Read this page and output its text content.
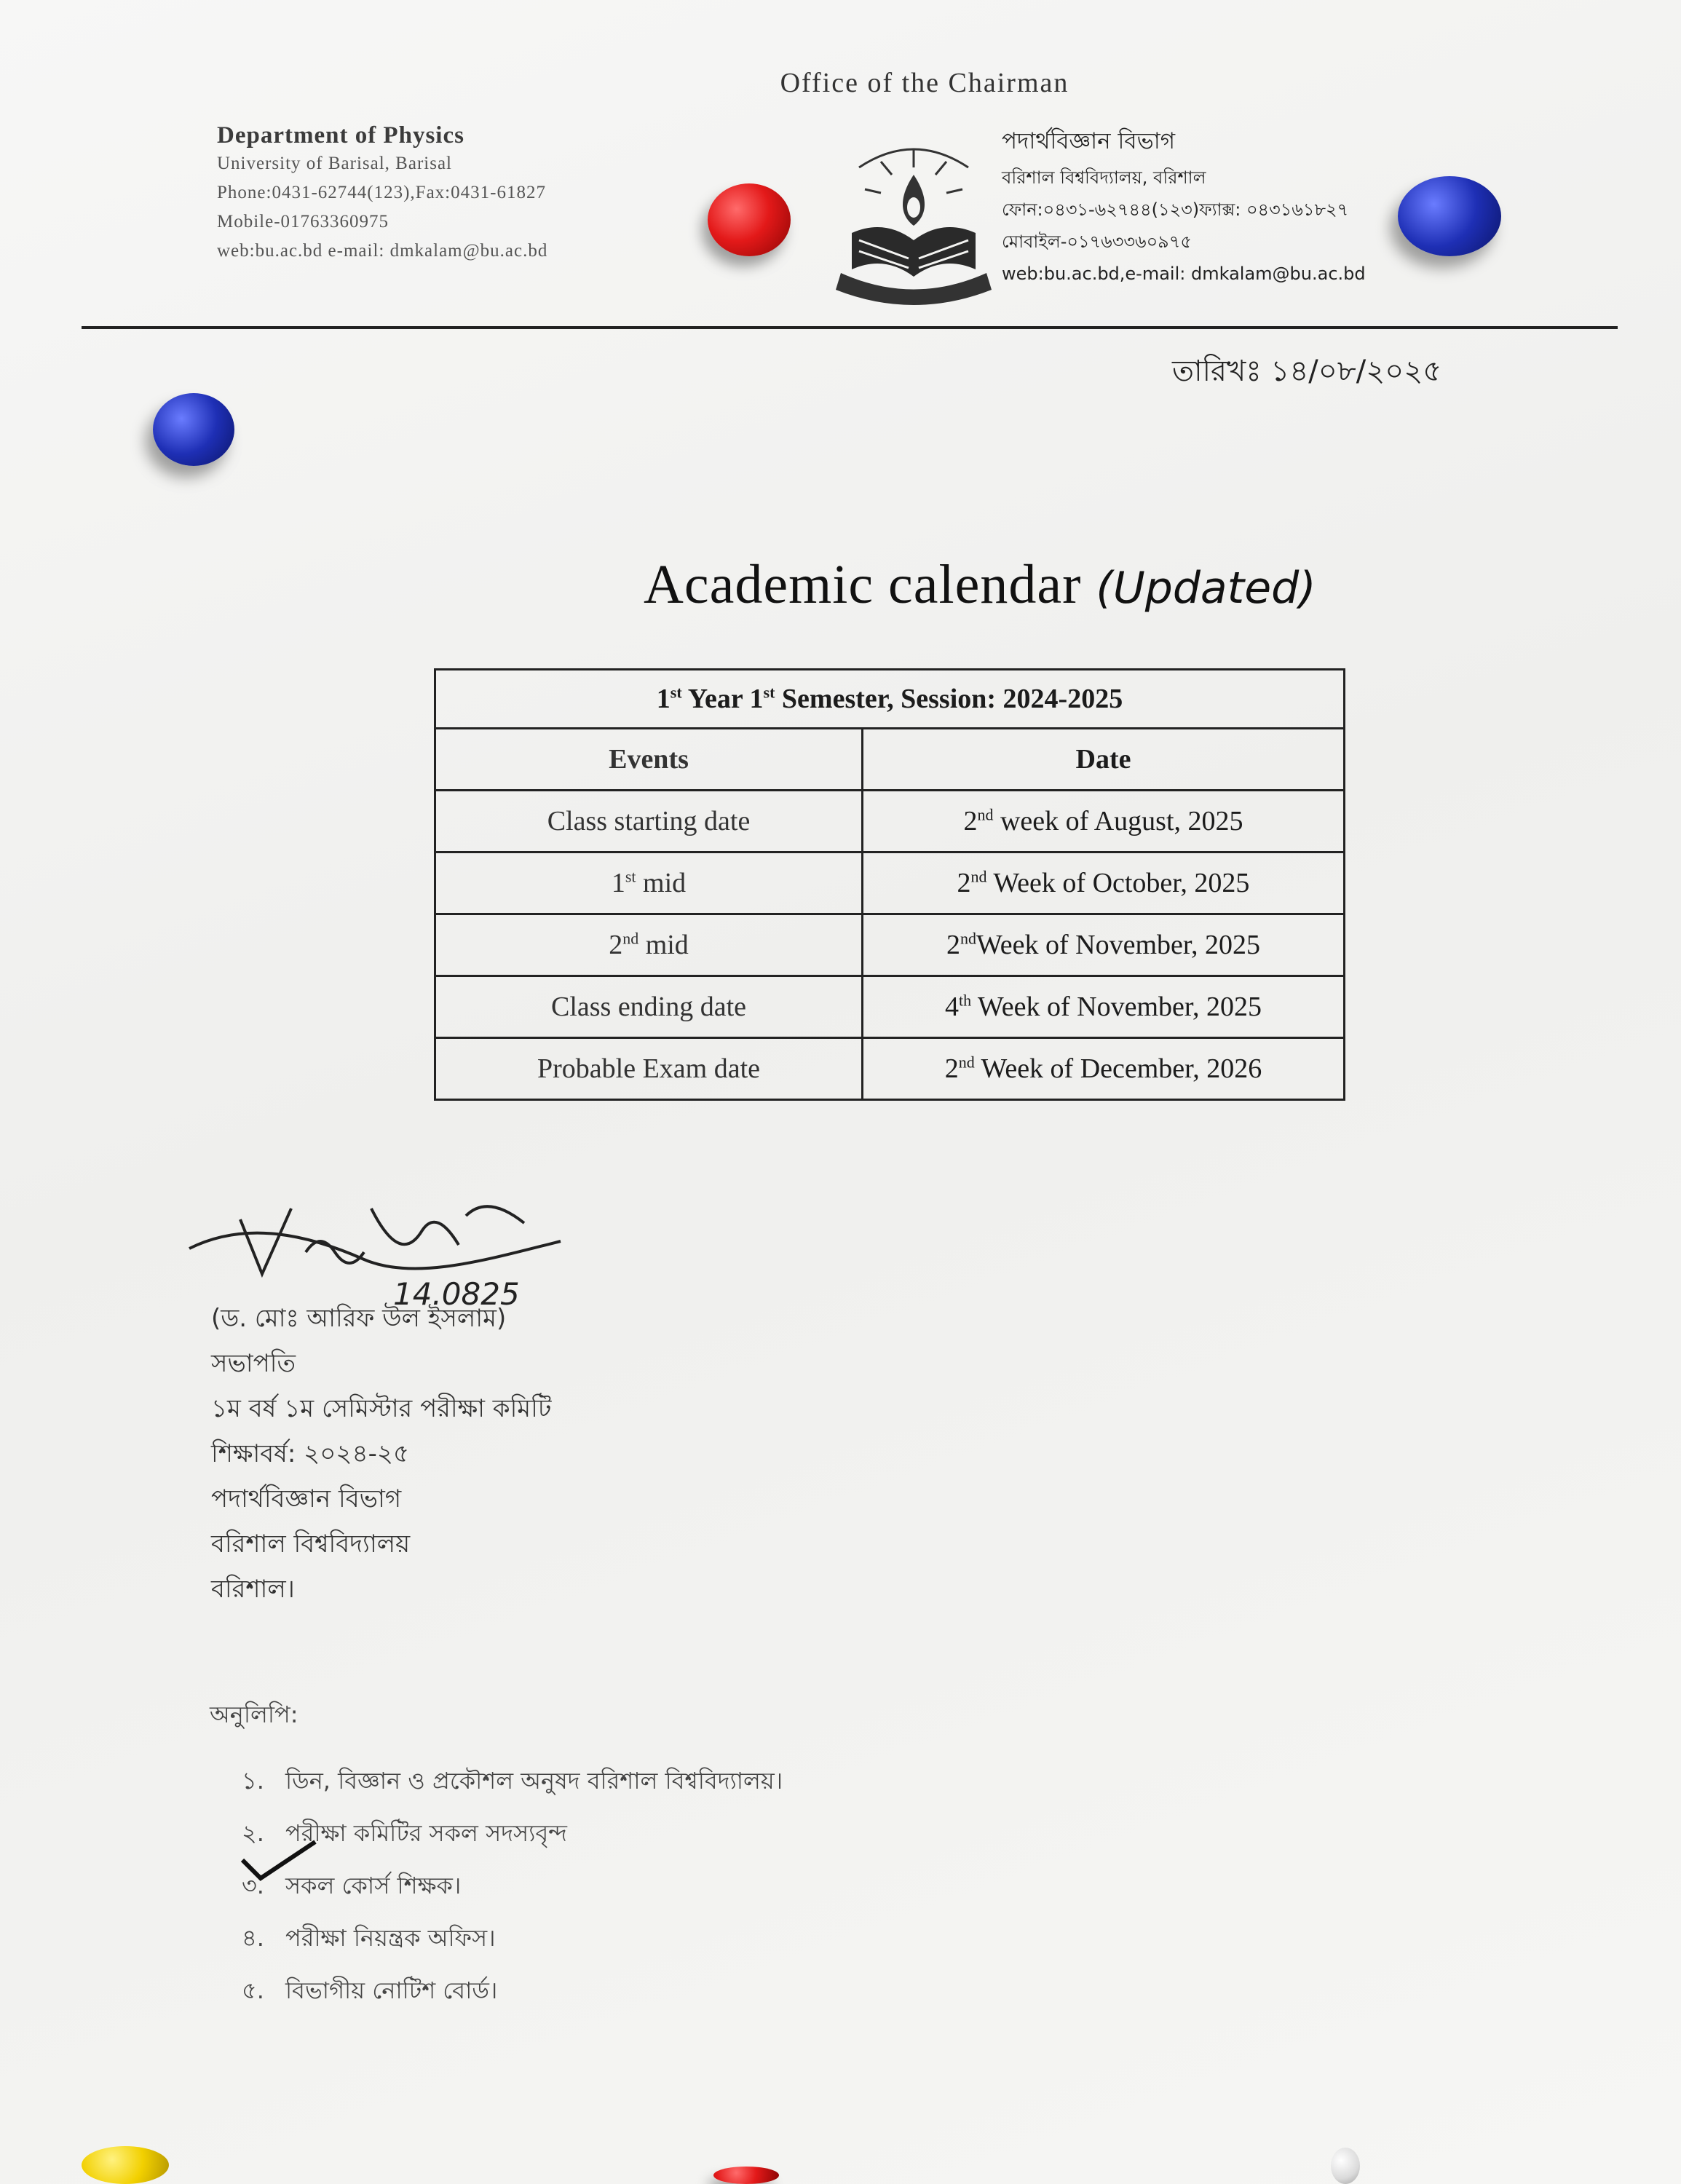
Office of the Chairman
Department of Physics
University of Barisal, Barisal
Phone:0431-62744(123),Fax:0431-61827
Mobile-01763360975
web:bu.ac.bd e-mail: dmkalam@bu.ac.bd
পদার্থবিজ্ঞান বিভাগ
বরিশাল বিশ্ববিদ্যালয়, বরিশাল
ফোন:০৪৩১-৬২৭৪৪(১২৩)ফ্যাক্স: ০৪৩১৬১৮২৭
মোবাইল-০১৭৬৩৩৬০৯৭৫
web:bu.ac.bd,e-mail: dmkalam@bu.ac.bd
তারিখঃ ১৪/০৮/২০২৫
Academic calendar (Updated)
1st Year 1st Semester, Session: 2024-2025	
Events	Date
Class starting date	2nd week of August, 2025
1st mid	2nd Week of October, 2025
2nd mid	2ndWeek of November, 2025
Class ending date	4th Week of November, 2025
Probable Exam date	2nd Week of December, 2026
14.0825
(ড. মোঃ আরিফ উল ইসলাম)
সভাপতি
১ম বর্ষ ১ম সেমিস্টার পরীক্ষা কমিটি
শিক্ষাবর্ষ: ২০২৪-২৫
পদার্থবিজ্ঞান বিভাগ
বরিশাল বিশ্ববিদ্যালয়
বরিশাল।
অনুলিপি:
১. ডিন, বিজ্ঞান ও প্রকৌশল অনুষদ বরিশাল বিশ্ববিদ্যালয়।
২. পরীক্ষা কমিটির সকল সদস্যবৃন্দ
৩. সকল কোর্স শিক্ষক।
৪. পরীক্ষা নিয়ন্ত্রক অফিস।
৫. বিভাগীয় নোটিশ বোর্ড।
